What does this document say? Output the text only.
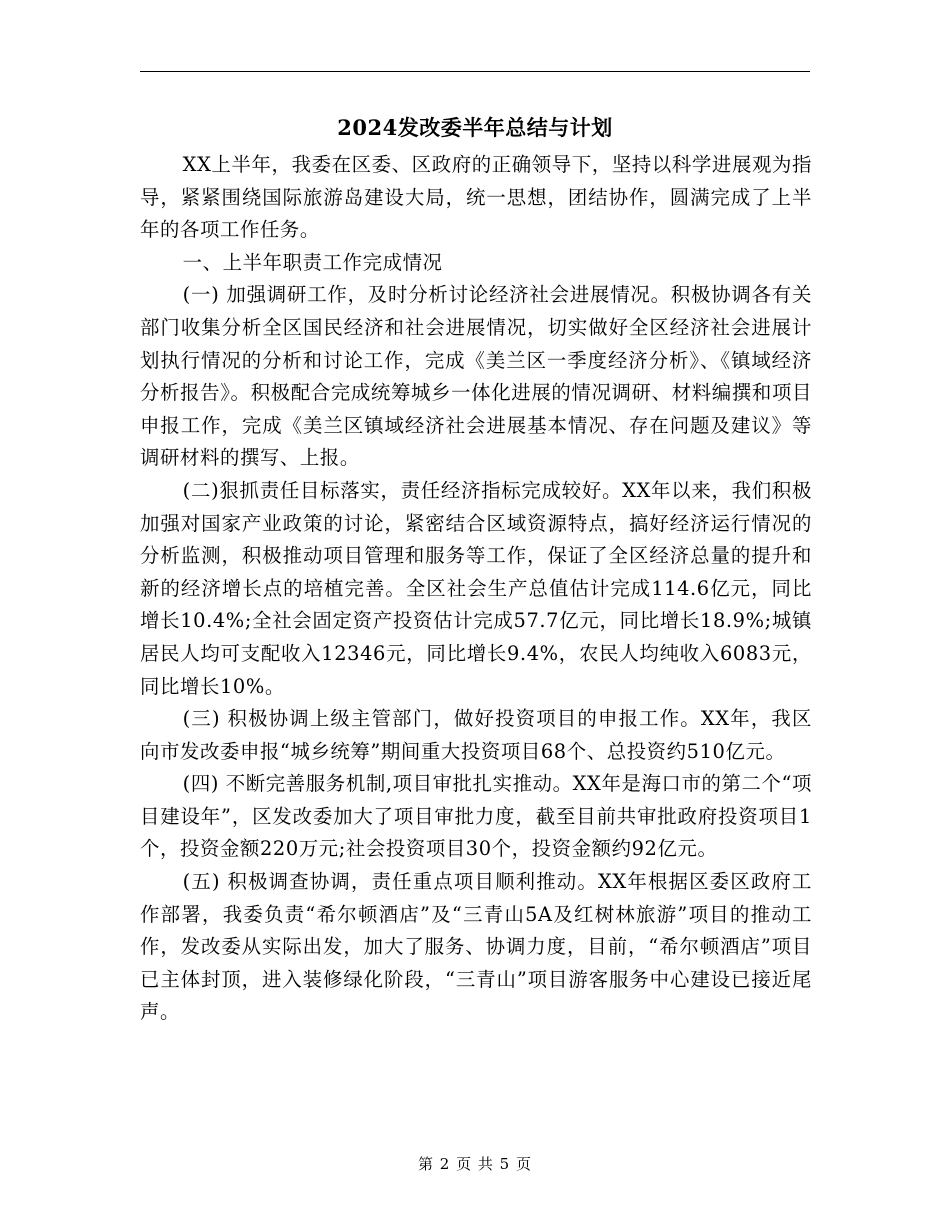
2024发改委半年总结与计划

XX上半年，我委在区委、区政府的正确领导下，坚持以科学进展观为指导，紧紧围绕国际旅游岛建设大局，统一思想，团结协作，圆满完成了上半年的各项工作任务。

一、上半年职责工作完成情况

(一) 加强调研工作，及时分析讨论经济社会进展情况。积极协调各有关部门收集分析全区国民经济和社会进展情况，切实做好全区经济社会进展计划执行情况的分析和讨论工作，完成《美兰区一季度经济分析》、《镇域经济分析报告》。积极配合完成统筹城乡一体化进展的情况调研、材料编撰和项目申报工作，完成《美兰区镇域经济社会进展基本情况、存在问题及建议》等调研材料的撰写、上报。

(二)狠抓责任目标落实，责任经济指标完成较好。XX年以来，我们积极加强对国家产业政策的讨论，紧密结合区域资源特点，搞好经济运行情况的分析监测，积极推动项目管理和服务等工作，保证了全区经济总量的提升和新的经济增长点的培植完善。全区社会生产总值估计完成114.6亿元，同比增长10.4%;全社会固定资产投资估计完成57.7亿元，同比增长18.9%;城镇居民人均可支配收入12346元，同比增长9.4%，农民人均纯收入6083元，同比增长10%。

(三) 积极协调上级主管部门，做好投资项目的申报工作。XX年，我区向市发改委申报“城乡统筹”期间重大投资项目68个、总投资约510亿元。

(四) 不断完善服务机制,项目审批扎实推动。XX年是海口市的第二个“项目建设年”，区发改委加大了项目审批力度，截至目前共审批政府投资项目1个，投资金额220万元;社会投资项目30个，投资金额约92亿元。

(五) 积极调查协调，责任重点项目顺利推动。XX年根据区委区政府工作部署，我委负责“希尔顿酒店”及“三青山5A及红树林旅游”项目的推动工作，发改委从实际出发，加大了服务、协调力度，目前，“希尔顿酒店”项目已主体封顶，进入装修绿化阶段，“三青山”项目游客服务中心建设已接近尾声。

第 2 页 共 5 页
